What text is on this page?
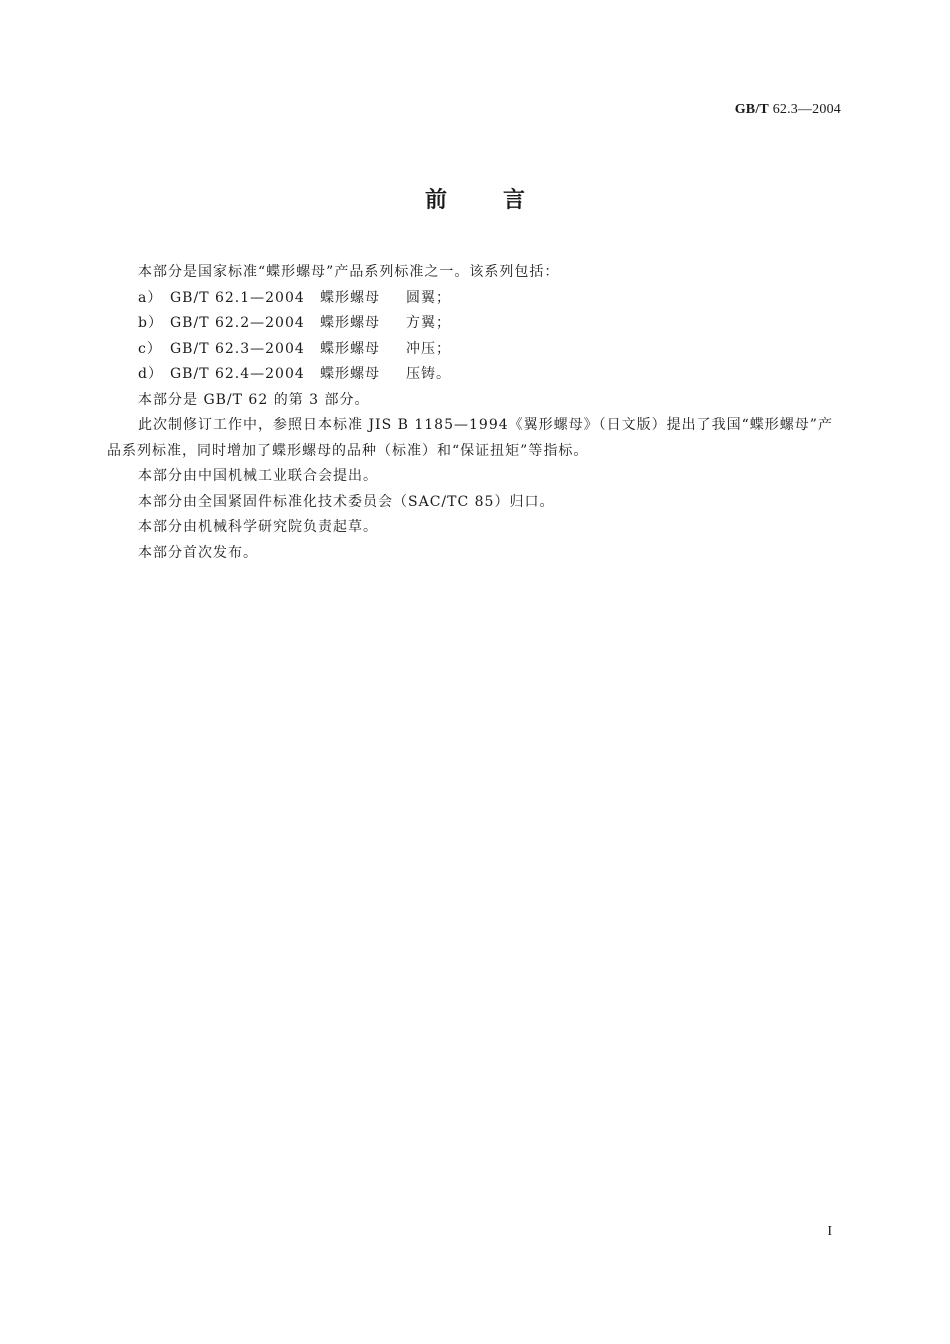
GB/T 62.3—2004
前言

本部分是国家标准“蝶形螺母”产品系列标准之一。该系列包括：

a） GB/T 62.1—2004 蝶形螺母 圆翼；

b） GB/T 62.2—2004 蝶形螺母 方翼；

c） GB/T 62.3—2004 蝶形螺母 冲压；

d） GB/T 62.4—2004 蝶形螺母 压铸。

本部分是 GB/T 62 的第 3 部分。

此次制修订工作中，参照日本标准 JIS B 1185—1994《翼形螺母》（日文版）提出了我国“蝶形螺母”产品系列标准，同时增加了蝶形螺母的品种（标准）和“保证扭矩”等指标。

本部分由中国机械工业联合会提出。

本部分由全国紧固件标准化技术委员会（SAC/TC 85）归口。

本部分由机械科学研究院负责起草。

本部分首次发布。

I
